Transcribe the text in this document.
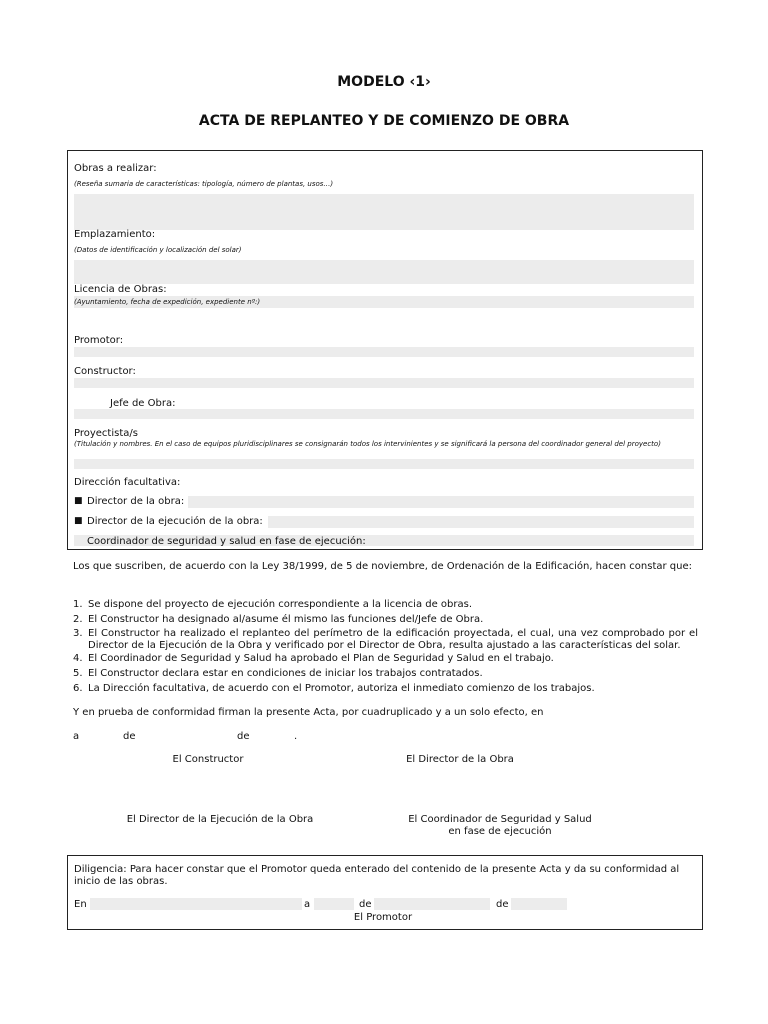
MODELO ‹1›
ACTA DE REPLANTEO Y DE COMIENZO DE OBRA
Obras a realizar:
(Reseña sumaria de características: tipología, número de plantas, usos…)
Emplazamiento:
(Datos de identificación y localización del solar)
Licencia de Obras:
(Ayuntamiento, fecha de expedición, expediente nº:)
Promotor:
Constructor:
Jefe de Obra:
Proyectista/s
(Titulación y nombres. En el caso de equipos pluridisciplinares se consignarán todos los intervinientes y se significará la persona del coordinador general del proyecto)
Dirección facultativa:
■ Director de la obra:
■ Director de la ejecución de la obra:
Coordinador de seguridad y salud en fase de ejecución:
Los que suscriben, de acuerdo con la Ley 38/1999, de 5 de noviembre, de Ordenación de la Edificación, hacen constar que:
1. Se dispone del proyecto de ejecución correspondiente a la licencia de obras.
2. El Constructor ha designado al/asume él mismo las funciones del/Jefe de Obra.
3. El Constructor ha realizado el replanteo del perímetro de la edificación proyectada, el cual, una vez comprobado por el Director de la Ejecución de la Obra y verificado por el Director de Obra, resulta ajustado a las características del solar.
4. El Coordinador de Seguridad y Salud ha aprobado el Plan de Seguridad y Salud en el trabajo.
5. El Constructor declara estar en condiciones de iniciar los trabajos contratados.
6. La Dirección facultativa, de acuerdo con el Promotor, autoriza el inmediato comienzo de los trabajos.
Y en prueba de conformidad firman la presente Acta, por cuadruplicado y a un solo efecto, en
a	de	de	.
El Constructor	El Director de la Obra
El Director de la Ejecución de la Obra	El Coordinador de Seguridad y Salud
en fase de ejecución
Diligencia: Para hacer constar que el Promotor queda enterado del contenido de la presente Acta y da su conformidad al inicio de las obras.
En	a	de	de
El Promotor
